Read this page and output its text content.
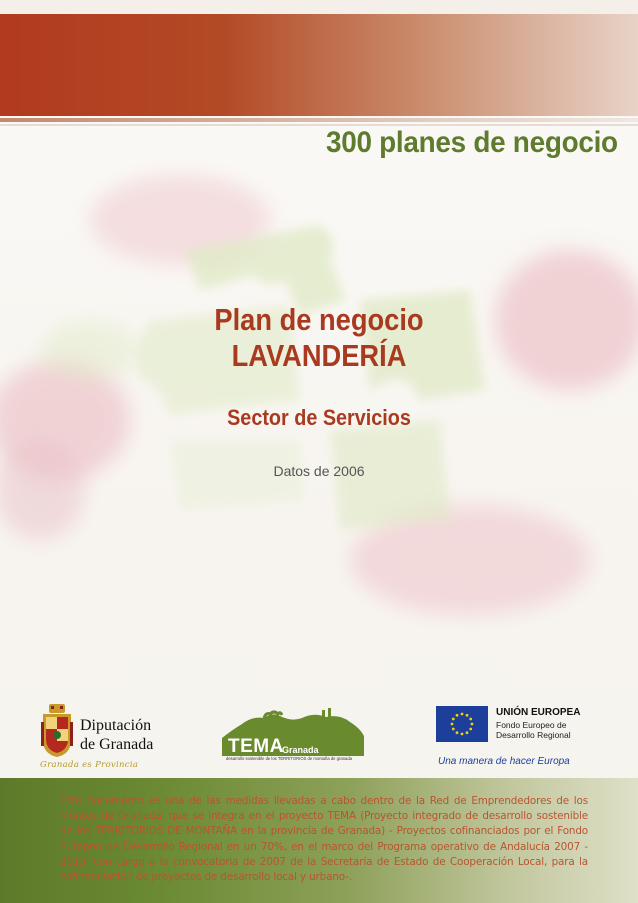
300 planes de negocio
Plan de negocio
LAVANDERÍA
Sector de Servicios
Datos de 2006
Diputación
de Granada
Granada es Provincia
TEMA
Granada
desarrollo sostenible de los TERRITORIOS de montaña de granada
UNIÓN EUROPEA
Fondo Europeo de
Desarrollo Regional
Una manera de hacer Europa
Este documento es una de las medidas llevadas a cabo dentro de la Red de Emprendedores de los Montes de Granada, que se integra en el proyecto TEMA (Proyecto integrado de desarrollo sostenible de los TERRITORIOS DE MONTAÑA en la provincia de Granada) - Proyectos cofinanciados por el Fondo Europeo de Desarrollo Regional en un 70%, en el marco del Programa operativo de Andalucía 2007 - 2013, con cargo a la convocatoria de 2007 de la Secretaría de Estado de Cooperación Local, para la cofinanciación de proyectos de desarrollo local y urbano-.
